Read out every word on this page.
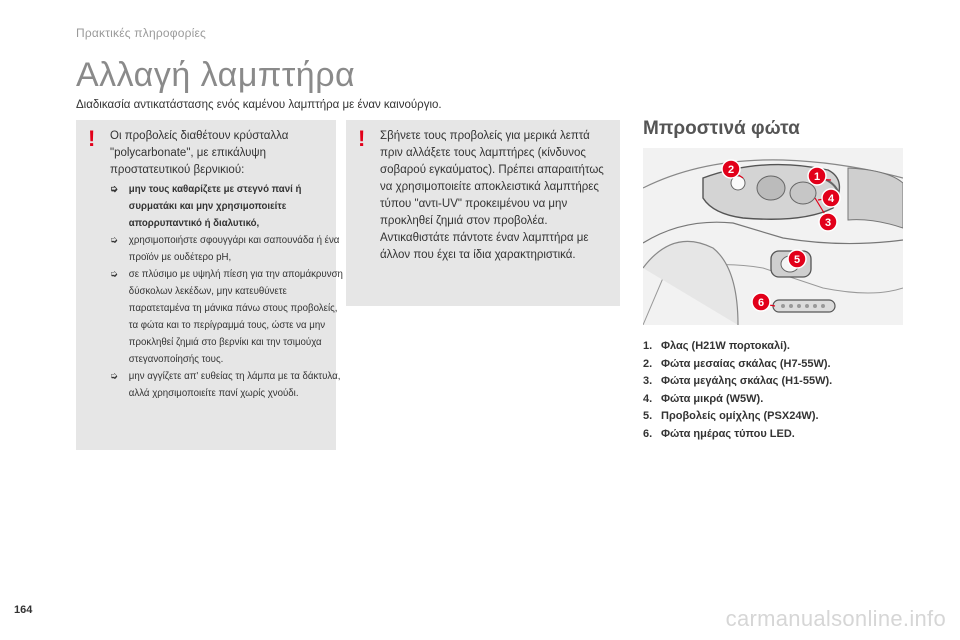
Πρακτικές πληροφορίες
Αλλαγή λαμπτήρα
Διαδικασία αντικατάστασης ενός καμένου λαμπτήρα με έναν καινούργιο.
! Οι προβολείς διαθέτουν κρύσταλλα "polycarbonate", με επικάλυψη προστατευτικού βερνικιού:

➭ μην τους καθαρίζετε με στεγνό πανί ή συρματάκι και μην χρησιμοποιείτε απορρυπαντικό ή διαλυτικό,
➭ χρησιμοποιήστε σφουγγάρι και σαπουνάδα ή ένα προϊόν με ουδέτερο pH,
➭ σε πλύσιμο με υψηλή πίεση για την απομάκρυνση δύσκολων λεκέδων, μην κατευθύνετε παρατεταμένα τη μάνικα πάνω στους προβολείς, τα φώτα και το περίγραμμά τους, ώστε να μην προκληθεί ζημιά στο βερνίκι και την τσιμούχα στεγανοποίησής τους.
➭ μην αγγίζετε απ' ευθείας τη λάμπα με τα δάκτυλα, αλλά χρησιμοποιείτε πανί χωρίς χνούδι.
! Σβήνετε τους προβολείς για μερικά λεπτά πριν αλλάξετε τους λαμπτήρες (κίνδυνος σοβαρού εγκαύματος). Πρέπει απαραιτήτως να χρησιμοποιείτε αποκλειστικά λαμπτήρες τύπου "αντι-UV" προκειμένου να μην προκληθεί ζημιά στον προβολέα. Αντικαθιστάτε πάντοτε έναν λαμπτήρα με άλλον που έχει τα ίδια χαρακτηριστικά.

Μπροστινά φώτα
1
2
3
4
5
6
1. Φλας (H21W πορτοκαλί).
2. Φώτα μεσαίας σκάλας (H7-55W).
3. Φώτα μεγάλης σκάλας (H1-55W).
4. Φώτα μικρά (W5W).
5. Προβολείς ομίχλης (PSX24W).
6. Φώτα ημέρας τύπου LED.
164	carmanualsonline.info
